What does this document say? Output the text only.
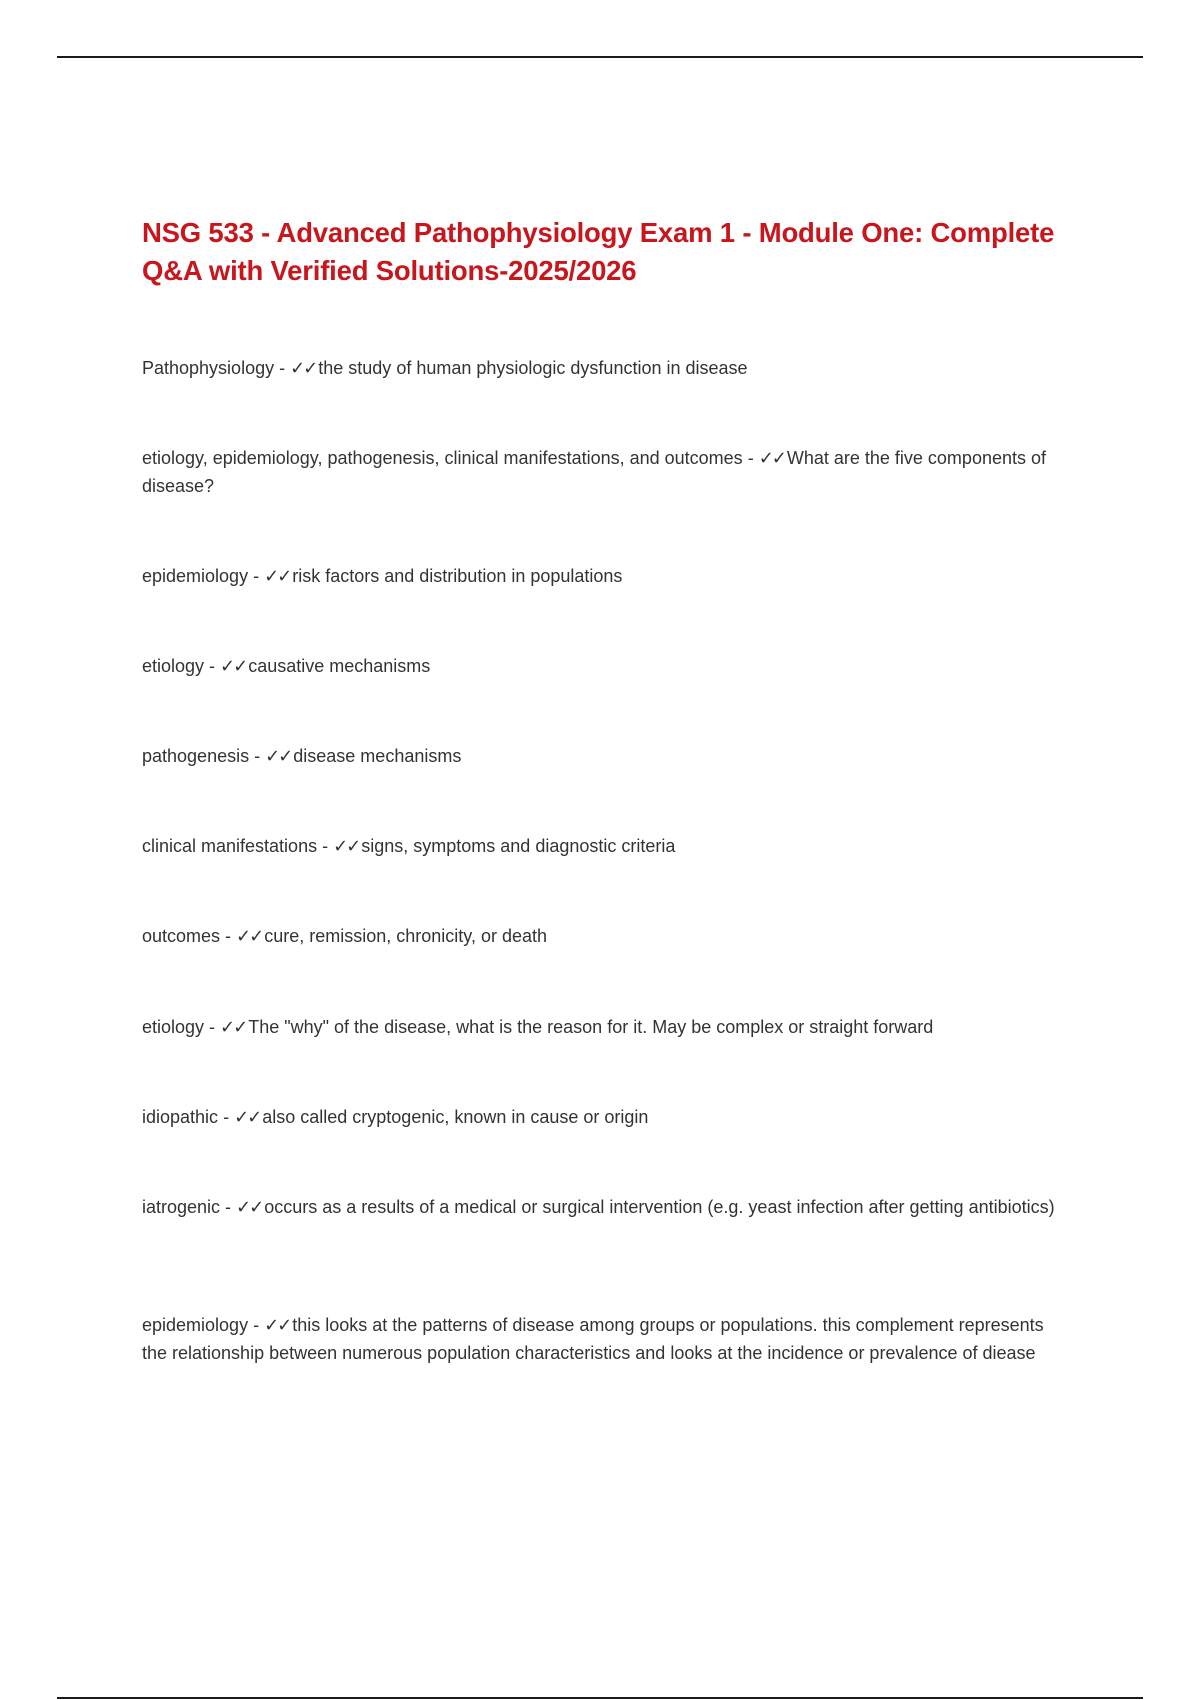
NSG 533 - Advanced Pathophysiology Exam 1 - Module One: Complete Q&A with Verified Solutions-2025/2026

Pathophysiology - ✓✓ the study of human physiologic dysfunction in disease

etiology, epidemiology, pathogenesis, clinical manifestations, and outcomes - ✓✓ What are the five components of disease?

epidemiology - ✓✓ risk factors and distribution in populations

etiology - ✓✓ causative mechanisms

pathogenesis - ✓✓ disease mechanisms

clinical manifestations - ✓✓ signs, symptoms and diagnostic criteria

outcomes - ✓✓ cure, remission, chronicity, or death

etiology - ✓✓ The "why" of the disease, what is the reason for it. May be complex or straight forward

idiopathic - ✓✓ also called cryptogenic, known in cause or origin

iatrogenic - ✓✓ occurs as a results of a medical or surgical intervention (e.g. yeast infection after getting antibiotics)

epidemiology - ✓✓ this looks at the patterns of disease among groups or populations. this complement represents the relationship between numerous population characteristics and looks at the incidence or prevalence of diease
